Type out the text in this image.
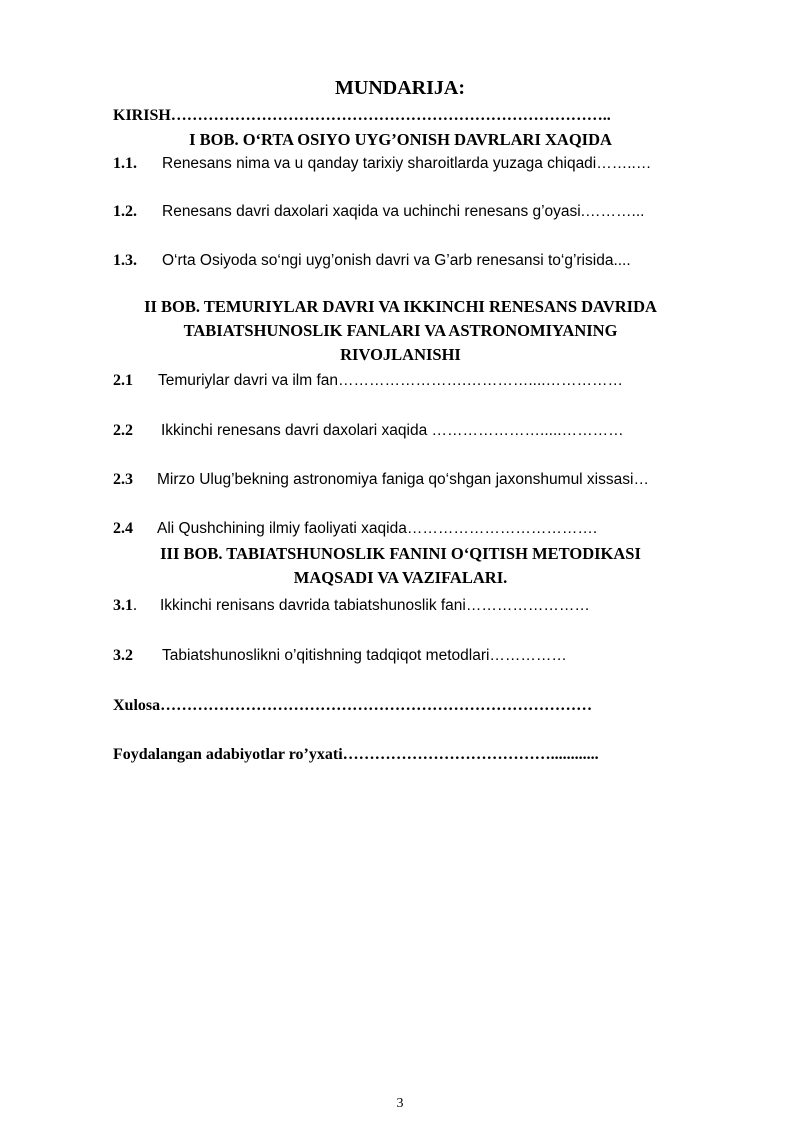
MUNDARIJA:
KIRISH………………………………………………………………………..
I BOB. O‘RTA OSIYO UYG’ONISH DAVRLARI XAQIDA
1.1. Renesans nima va u qanday tarixiy sharoitlarda yuzaga chiqadi……..…
1.2. Renesans davri daxolari xaqida va uchinchi renesans g’oyasi.………...
1.3. O‘rta Osiyoda so‘ngi uyg’onish davri va G’arb renesansi to‘g’risida....
II BOB. TEMURIYLAR DAVRI VA IKKINCHI RENESANS DAVRIDA
TABIATSHUNOSLIK FANLARI VA ASTRONOMIYANING
RIVOJLANISHI
2.1 Temuriylar davri va ilm fan…………………….…………....……………
2.2 Ikkinchi renesans davri daxolari xaqida ………………….....…………
2.3 Mirzo Ulug’bekning astronomiya faniga qo‘shgan jaxonshumul xissasi…
2.4 Ali Qushchining ilmiy faoliyati xaqida……………………………….
III BOB. TABIATSHUNOSLIK FANINI O‘QITISH METODIKASI
MAQSADI VA VAZIFALARI.
3.1. Ikkinchi renisans davrida tabiatshunoslik fani……………………
3.2 Tabiatshunoslikni o’qitishning tadqiqot metodlari……………
Xulosa………………………………………………………………………
Foydalangan adabiyotlar ro’yxati…………………………………............
3
